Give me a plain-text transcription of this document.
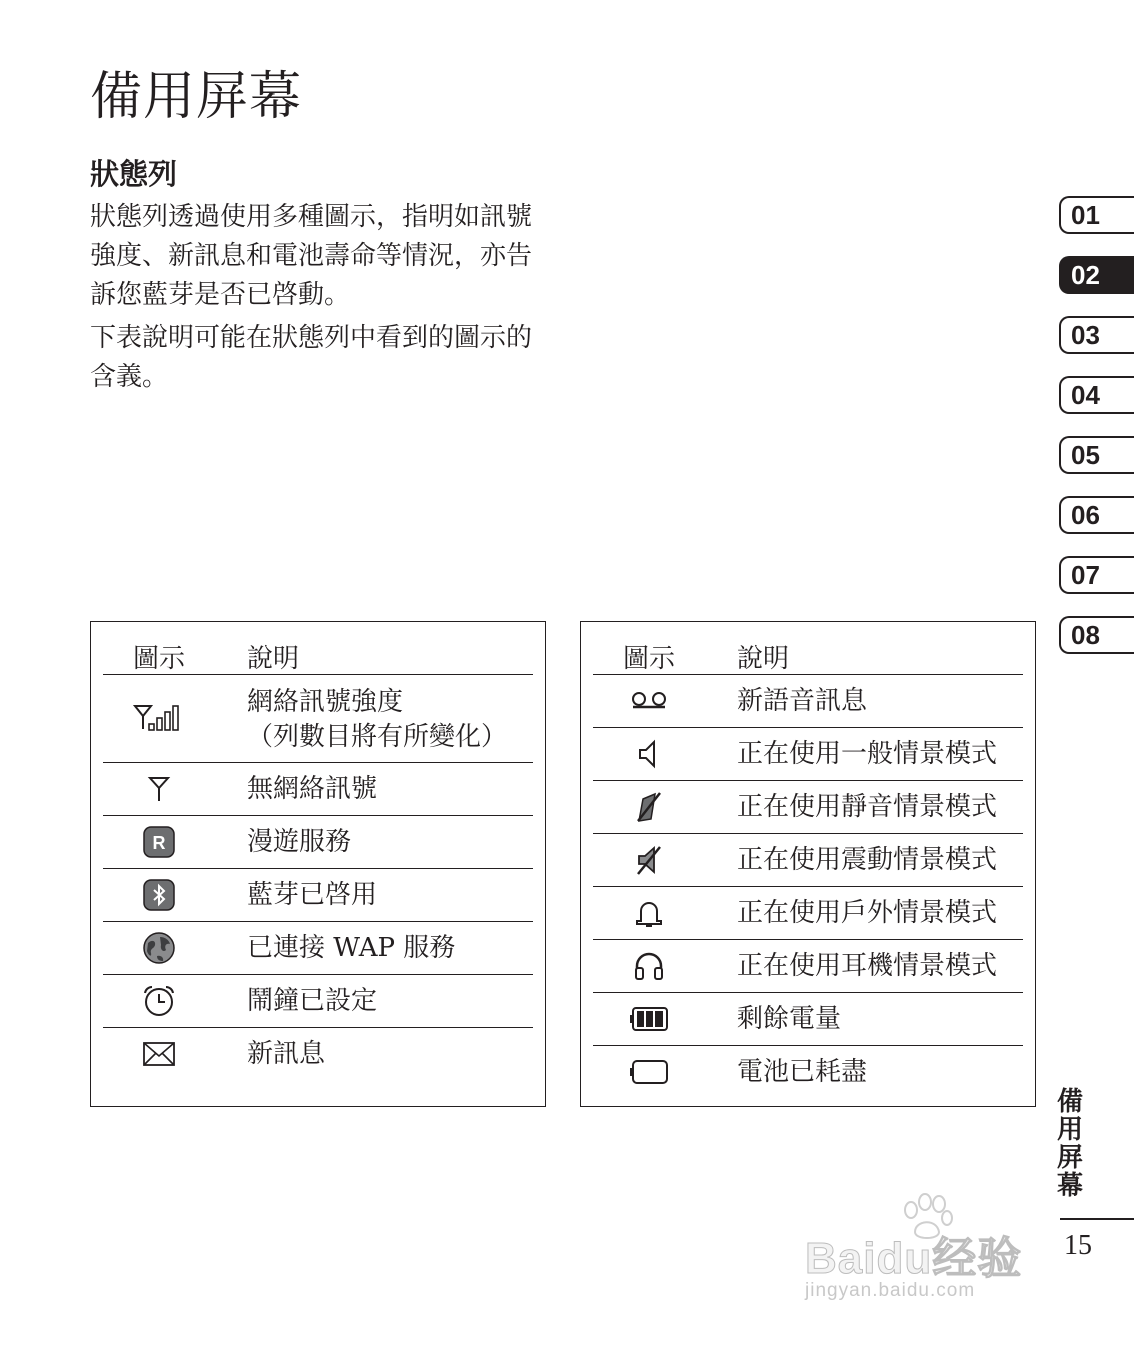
備用屏幕
狀態列

狀態列透過使用多種圖示，指明如訊號強度、新訊息和電池壽命等情況，亦告訴您藍芽是否已啓動。

下表說明可能在狀態列中看到的圖示的含義。

01
02
03
04
05
06
07
08
圖示 說明
網絡訊號強度
（列數目將有所變化）
無網絡訊號
R	漫遊服務
藍芽已啓用
已連接 WAP 服務
鬧鐘已設定
新訊息
圖示 說明
新語音訊息
正在使用一般情景模式
正在使用靜音情景模式
正在使用震動情景模式
正在使用戶外情景模式
正在使用耳機情景模式
剩餘電量
電池已耗盡
備用屏幕
15
Baidu经验
jingyan.baidu.com
